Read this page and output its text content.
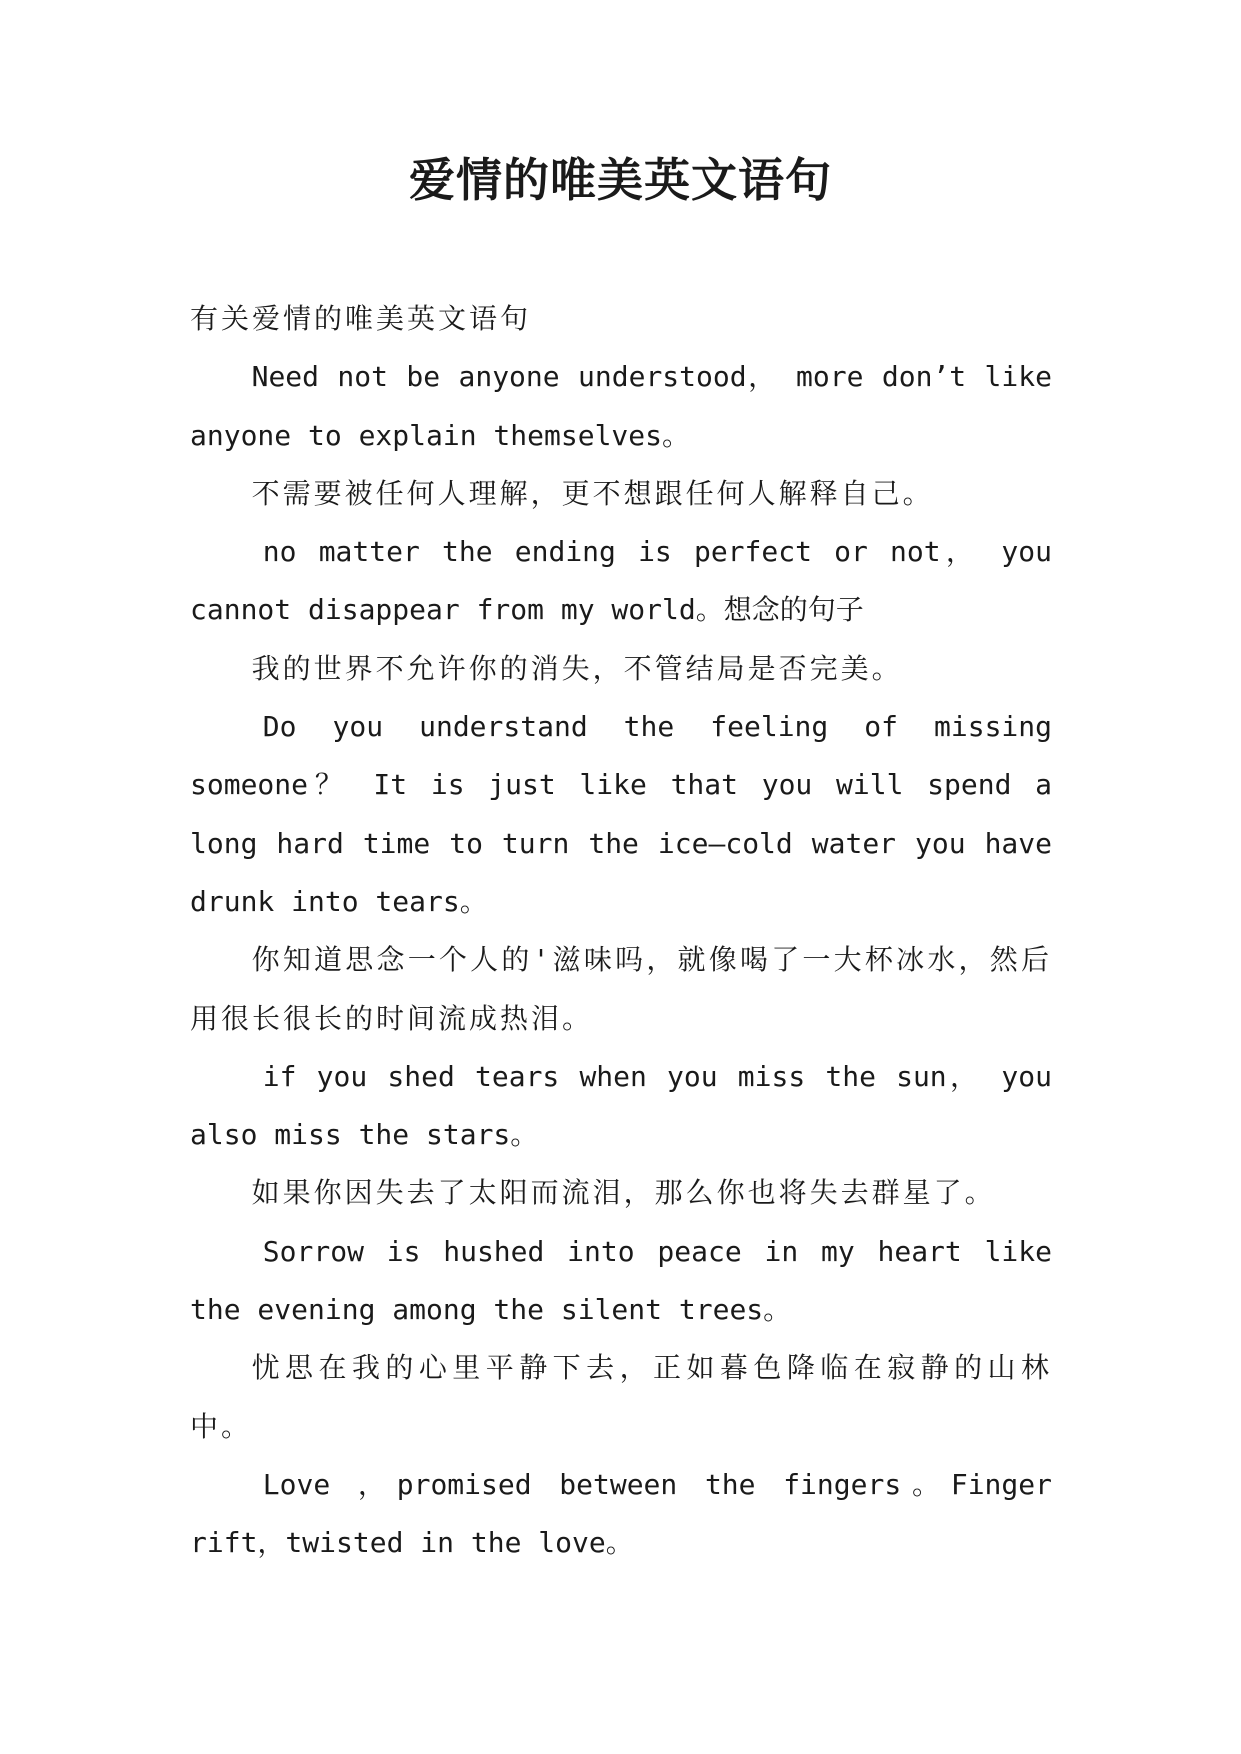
爱情的唯美英文语句

有关爱情的唯美英文语句

Need not be anyone understood， more don’t like anyone to explain themselves。

不需要被任何人理解，更不想跟任何人解释自己。

no matter the ending is perfect or not， you cannot disappear from my world。想念的句子

我的世界不允许你的消失，不管结局是否完美。

Do you understand the feeling of missing someone？ It is just like that you will spend a long hard time to turn the ice—cold water you have drunk into tears。

你知道思念一个人的'滋味吗，就像喝了一大杯冰水，然后用很长很长的时间流成热泪。

if you shed tears when you miss the sun， you also miss the stars。

如果你因失去了太阳而流泪，那么你也将失去群星了。

Sorrow is hushed into peace in my heart like the evening among the silent trees。

忧思在我的心里平静下去，正如暮色降临在寂静的山林中。

Love ，promised between the fingers。Finger rift，twisted in the love。
